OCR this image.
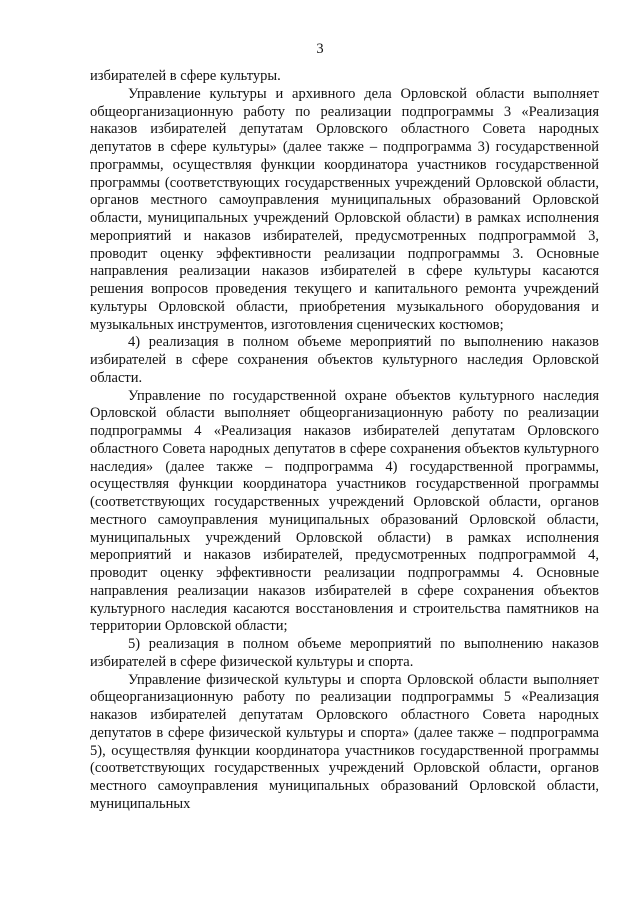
3

избирателей в сфере культуры.

Управление культуры и архивного дела Орловской области выполняет общеорганизационную работу по реализации подпрограммы 3 «Реализация наказов избирателей депутатам Орловского областного Совета народных депутатов в сфере культуры» (далее также – подпрограмма 3) государственной программы, осуществляя функции координатора участников государственной программы (соответствующих государственных учреждений Орловской области, органов местного самоуправления муниципальных образований Орловской области, муниципальных учреждений Орловской области) в рамках исполнения мероприятий и наказов избирателей, предусмотренных подпрограммой 3, проводит оценку эффективности реализации подпрограммы 3. Основные направления реализации наказов избирателей в сфере культуры касаются решения вопросов проведения текущего и капитального ремонта учреждений культуры Орловской области, приобретения музыкального оборудования и музыкальных инструментов, изготовления сценических костюмов;

4) реализация в полном объеме мероприятий по выполнению наказов избирателей в сфере сохранения объектов культурного наследия Орловской области.

Управление по государственной охране объектов культурного наследия Орловской области выполняет общеорганизационную работу по реализации подпрограммы 4 «Реализация наказов избирателей депутатам Орловского областного Совета народных депутатов в сфере сохранения объектов культурного наследия» (далее также – подпрограмма 4) государственной программы, осуществляя функции координатора участников государственной программы (соответствующих государственных учреждений Орловской области, органов местного самоуправления муниципальных образований Орловской области, муниципальных учреждений Орловской области) в рамках исполнения мероприятий и наказов избирателей, предусмотренных подпрограммой 4, проводит оценку эффективности реализации подпрограммы 4. Основные направления реализации наказов избирателей в сфере сохранения объектов культурного наследия касаются восстановления и строительства памятников на территории Орловской области;

5) реализация в полном объеме мероприятий по выполнению наказов избирателей в сфере физической культуры и спорта.

Управление физической культуры и спорта Орловской области выполняет общеорганизационную работу по реализации подпрограммы 5 «Реализация наказов избирателей депутатам Орловского областного Совета народных депутатов в сфере физической культуры и спорта» (далее также – подпрограмма 5), осуществляя функции координатора участников государственной программы (соответствующих государственных учреждений Орловской области, органов местного самоуправления муниципальных образований Орловской области, муниципальных
